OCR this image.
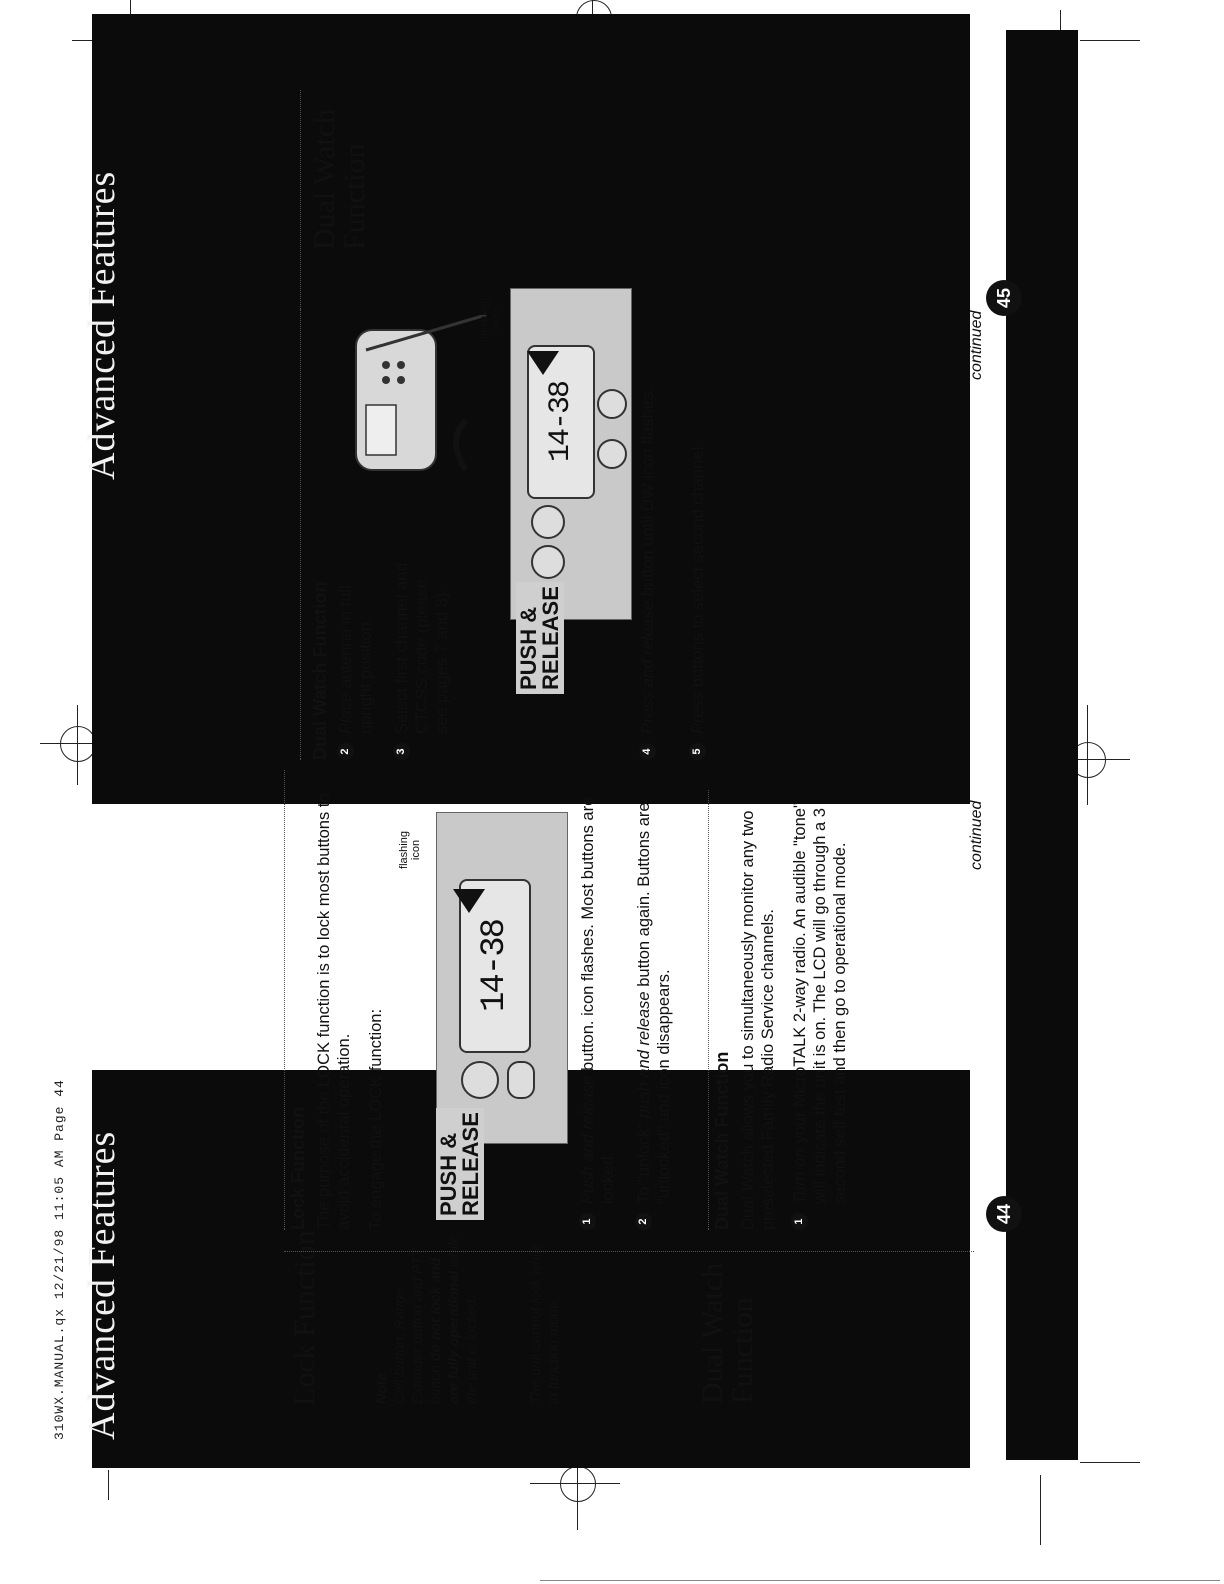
310WX.MANUAL.qx 12/21/98 11:05 AM Page 44 Advanced Features
Advanced Features
44
45
Lock Function	Note Call button, Range Extender button and PTT button do not lock and are fully operational while the unit is locked.	The unit cannot lock while in function mode.	Dual Watch
Function
Lock Function The purpose of the LOCK function is to lock most buttons to avoid accidental operation. To engage the LOCK function:

14-38
PUSH &
RELEASE
flashing icon
1
Push and release button. icon flashes. Most buttons are locked.
2
To "unlock" push and release button again. Buttons are "unlocked" and icon disappears. Dual Watch Function Dual Watch allows you to simultaneously monitor any two preselected Family Radio Service channels. 1
Turn on your MicroTALK 2-way radio. An audible "tone" will indicate the unit is on. The LCD will go through a 3 second self test and then go to operational mode.
continued
Dual Watch Function 2
Place antenna in full upright position.
3
Select first channel and CTCSS code (please see pages 7 and 8).
14-38
PUSH &
RELEASE
flashing icon
4
Press and release button until DW icon flashes.
5
Press buttons to select second channel.
continued
Dual Watch
Function
